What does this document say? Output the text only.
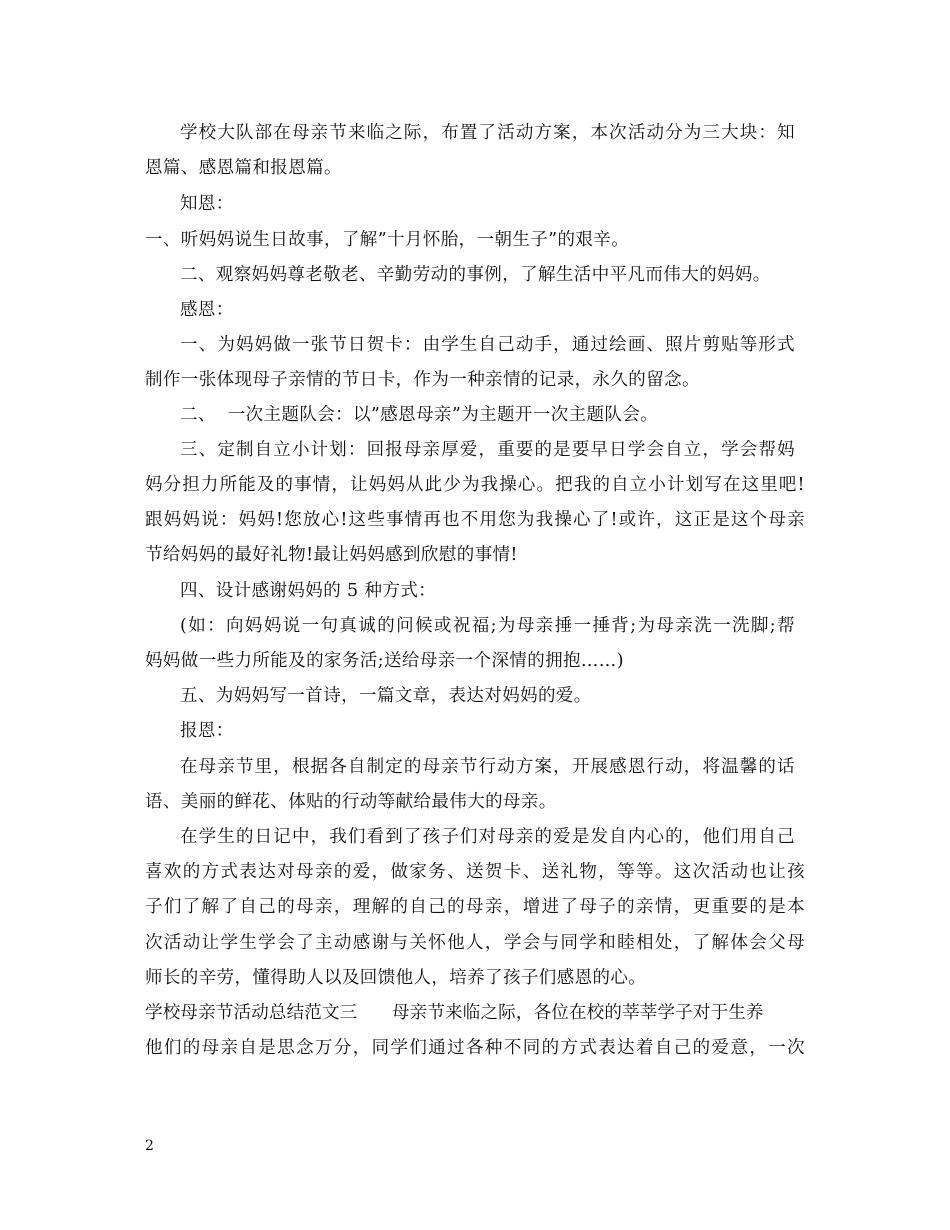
学校大队部在母亲节来临之际，布置了活动方案，本次活动分为三大块：知
恩篇、感恩篇和报恩篇。
知恩：
一、听妈妈说生日故事，了解”十月怀胎，一朝生子”的艰辛。
二、观察妈妈尊老敬老、辛勤劳动的事例，了解生活中平凡而伟大的妈妈。
感恩：
一、为妈妈做一张节日贺卡：由学生自己动手，通过绘画、照片剪贴等形式
制作一张体现母子亲情的节日卡，作为一种亲情的记录，永久的留念。
二、  一次主题队会：以”感恩母亲”为主题开一次主题队会。
三、定制自立小计划：回报母亲厚爱，重要的是要早日学会自立，学会帮妈
妈分担力所能及的事情，让妈妈从此少为我操心。把我的自立小计划写在这里吧!
跟妈妈说：妈妈!您放心!这些事情再也不用您为我操心了!或许，这正是这个母亲
节给妈妈的最好礼物!最让妈妈感到欣慰的事情!
四、设计感谢妈妈的 5 种方式：
(如：向妈妈说一句真诚的问候或祝福;为母亲捶一捶背;为母亲洗一洗脚;帮
妈妈做一些力所能及的家务活;送给母亲一个深情的拥抱……)
五、为妈妈写一首诗，一篇文章，表达对妈妈的爱。
报恩：
在母亲节里，根据各自制定的母亲节行动方案，开展感恩行动，将温馨的话
语、美丽的鲜花、体贴的行动等献给最伟大的母亲。
在学生的日记中，我们看到了孩子们对母亲的爱是发自内心的，他们用自己
喜欢的方式表达对母亲的爱，做家务、送贺卡、送礼物，等等。这次活动也让孩
子们了解了自己的母亲，理解的自己的母亲，增进了母子的亲情，更重要的是本
次活动让学生学会了主动感谢与关怀他人，学会与同学和睦相处，了解体会父母
师长的辛劳，懂得助人以及回馈他人，培养了孩子们感恩的心。
学校母亲节活动总结范文三      母亲节来临之际，各位在校的莘莘学子对于生养
他们的母亲自是思念万分，同学们通过各种不同的方式表达着自己的爱意，一次
2
